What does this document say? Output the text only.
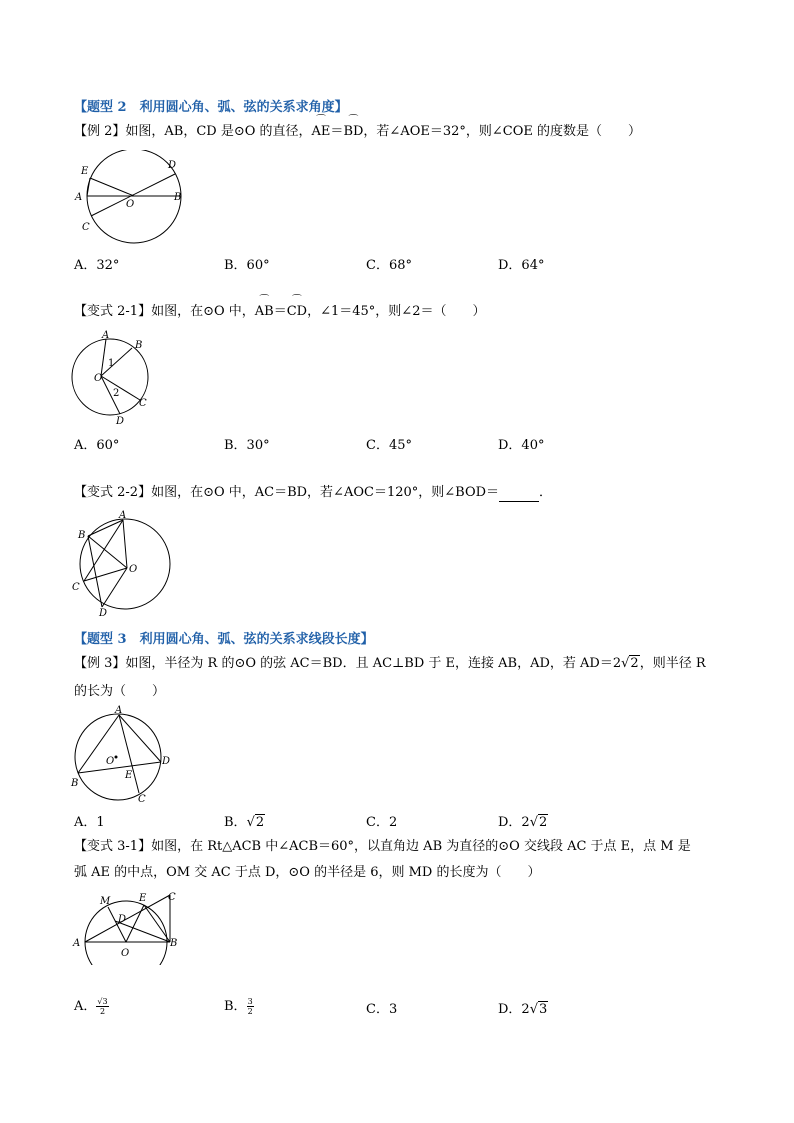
【题型 2　利用圆心角、弧、弦的关系求角度】
【例 2】如图，AB，CD 是⊙O 的直径，⌒ AE＝⌒ BD，若∠AOE＝32°，则∠COE 的度数是（　　）
E
D
A
O
B
C
A．32°	B．60°	C．68°	D．64°
【变式 2-1】如图，在⊙O 中，⌒ AB＝⌒ CD，∠1＝45°，则∠2＝（　　）
A
B
O
1
2
C
D
A．60°	B．30°	C．45°	D．40°
【变式 2-2】如图，在⊙O 中，AC＝BD，若∠AOC＝120°，则∠BOD＝	．
A
B
O
C
D
【题型 3　利用圆心角、弧、弦的关系求线段长度】
【例 3】如图，半径为 R 的⊙O 的弦 AC＝BD．且 AC⊥BD 于 E，连接 AB，AD，若 AD＝2√2，则半径 R
的长为（　　）
A
O	D
E
B
C
A．1	B．√2	C．2	D．2√2
【变式 3-1】如图，在 Rt△ACB 中∠ACB＝60°，以直角边 AB 为直径的⊙O 交线段 AC 于点 E，点 M 是
弧 AE 的中点，OM 交 AC 于点 D，⊙O 的半径是 6，则 MD 的长度为（　　）
M	E C
D
A
O
B
A． $\frac{√3}{2}$	B． $\frac{3}{2}$	C．3	D．2√3
